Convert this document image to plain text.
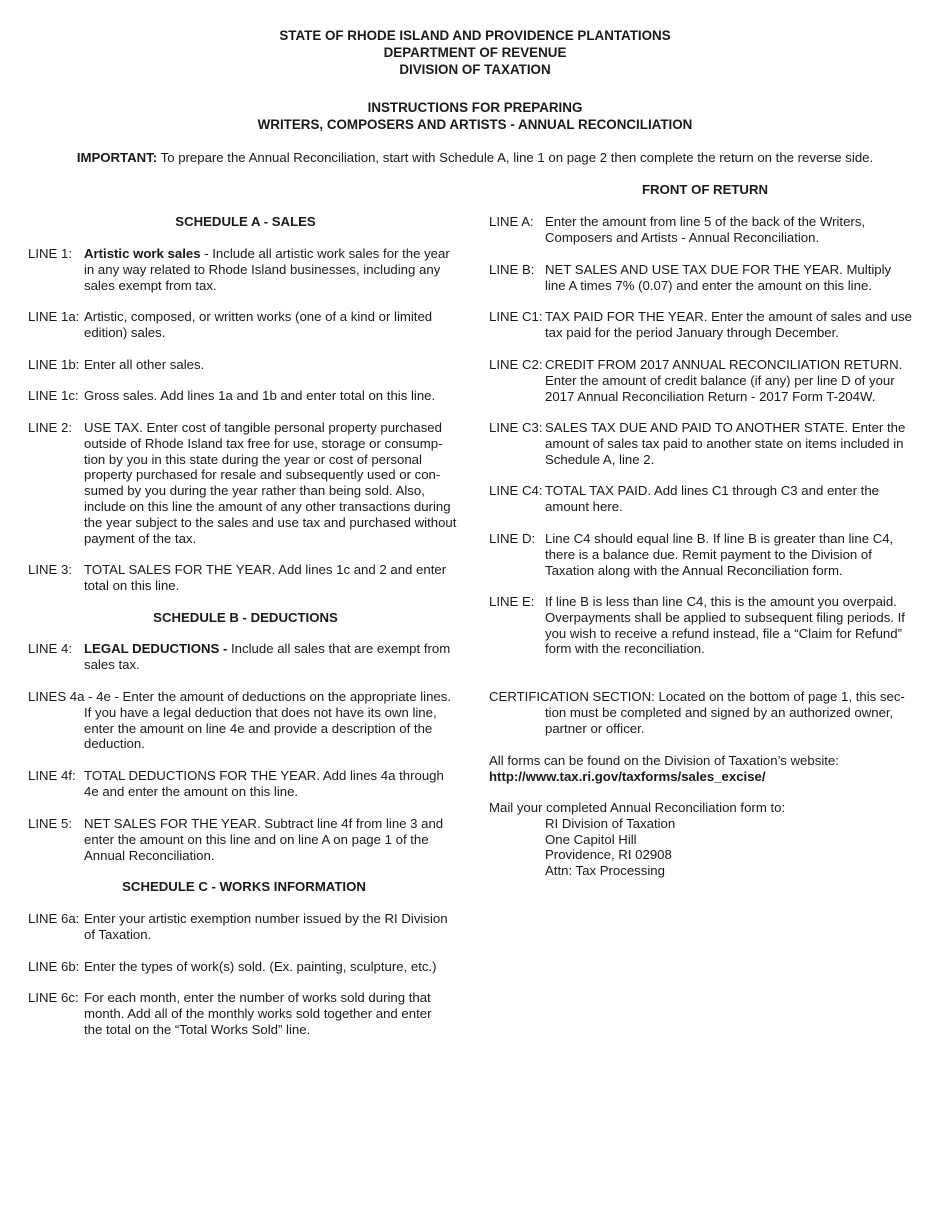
STATE OF RHODE ISLAND AND PROVIDENCE PLANTATIONS
DEPARTMENT OF REVENUE
DIVISION OF TAXATION
INSTRUCTIONS FOR PREPARING
WRITERS, COMPOSERS AND ARTISTS - ANNUAL RECONCILIATION
IMPORTANT: To prepare the Annual Reconciliation, start with Schedule A, line 1 on page 2 then complete the return on the reverse side.
SCHEDULE A - SALES
LINE 1: Artistic work sales - Include all artistic work sales for the year
in any way related to Rhode Island businesses, including any
sales exempt from tax.
LINE 1a: Artistic, composed, or written works (one of a kind or limited
edition) sales.
LINE 1b: Enter all other sales.
LINE 1c: Gross sales. Add lines 1a and 1b and enter total on this line.
LINE 2: USE TAX. Enter cost of tangible personal property purchased
outside of Rhode Island tax free for use, storage or consump-
tion by you in this state during the year or cost of personal
property purchased for resale and subsequently used or con-
sumed by you during the year rather than being sold. Also,
include on this line the amount of any other transactions during
the year subject to the sales and use tax and purchased without
payment of the tax.
LINE 3: TOTAL SALES FOR THE YEAR. Add lines 1c and 2 and enter
total on this line.
SCHEDULE B - DEDUCTIONS
LINE 4: LEGAL DEDUCTIONS - Include all sales that are exempt from
sales tax.
LINES 4a - 4e - Enter the amount of deductions on the appropriate lines.
If you have a legal deduction that does not have its own line,
enter the amount on line 4e and provide a description of the
deduction.
LINE 4f: TOTAL DEDUCTIONS FOR THE YEAR. Add lines 4a through
4e and enter the amount on this line.
LINE 5: NET SALES FOR THE YEAR. Subtract line 4f from line 3 and
enter the amount on this line and on line A on page 1 of the
Annual Reconciliation.
SCHEDULE C - WORKS INFORMATION
LINE 6a: Enter your artistic exemption number issued by the RI Division
of Taxation.
LINE 6b: Enter the types of work(s) sold. (Ex. painting, sculpture, etc.)
LINE 6c: For each month, enter the number of works sold during that
month. Add all of the monthly works sold together and enter
the total on the “Total Works Sold” line.
FRONT OF RETURN
LINE A: Enter the amount from line 5 of the back of the Writers,
Composers and Artists - Annual Reconciliation.
LINE B: NET SALES AND USE TAX DUE FOR THE YEAR. Multiply
line A times 7% (0.07) and enter the amount on this line.
LINE C1: TAX PAID FOR THE YEAR. Enter the amount of sales and use
tax paid for the period January through December.
LINE C2: CREDIT FROM 2017 ANNUAL RECONCILIATION RETURN.
Enter the amount of credit balance (if any) per line D of your
2017 Annual Reconciliation Return - 2017 Form T-204W.
LINE C3: SALES TAX DUE AND PAID TO ANOTHER STATE. Enter the
amount of sales tax paid to another state on items included in
Schedule A, line 2.
LINE C4: TOTAL TAX PAID. Add lines C1 through C3 and enter the
amount here.
LINE D: Line C4 should equal line B. If line B is greater than line C4,
there is a balance due. Remit payment to the Division of
Taxation along with the Annual Reconciliation form.
LINE E: If line B is less than line C4, this is the amount you overpaid.
Overpayments shall be applied to subsequent filing periods. If
you wish to receive a refund instead, file a “Claim for Refund”
form with the reconciliation.
CERTIFICATION SECTION: Located on the bottom of page 1, this sec-
tion must be completed and signed by an authorized owner,
partner or officer.
All forms can be found on the Division of Taxation’s website:
http://www.tax.ri.gov/taxforms/sales_excise/
Mail your completed Annual Reconciliation form to:
RI Division of Taxation
One Capitol Hill
Providence, RI 02908
Attn: Tax Processing
